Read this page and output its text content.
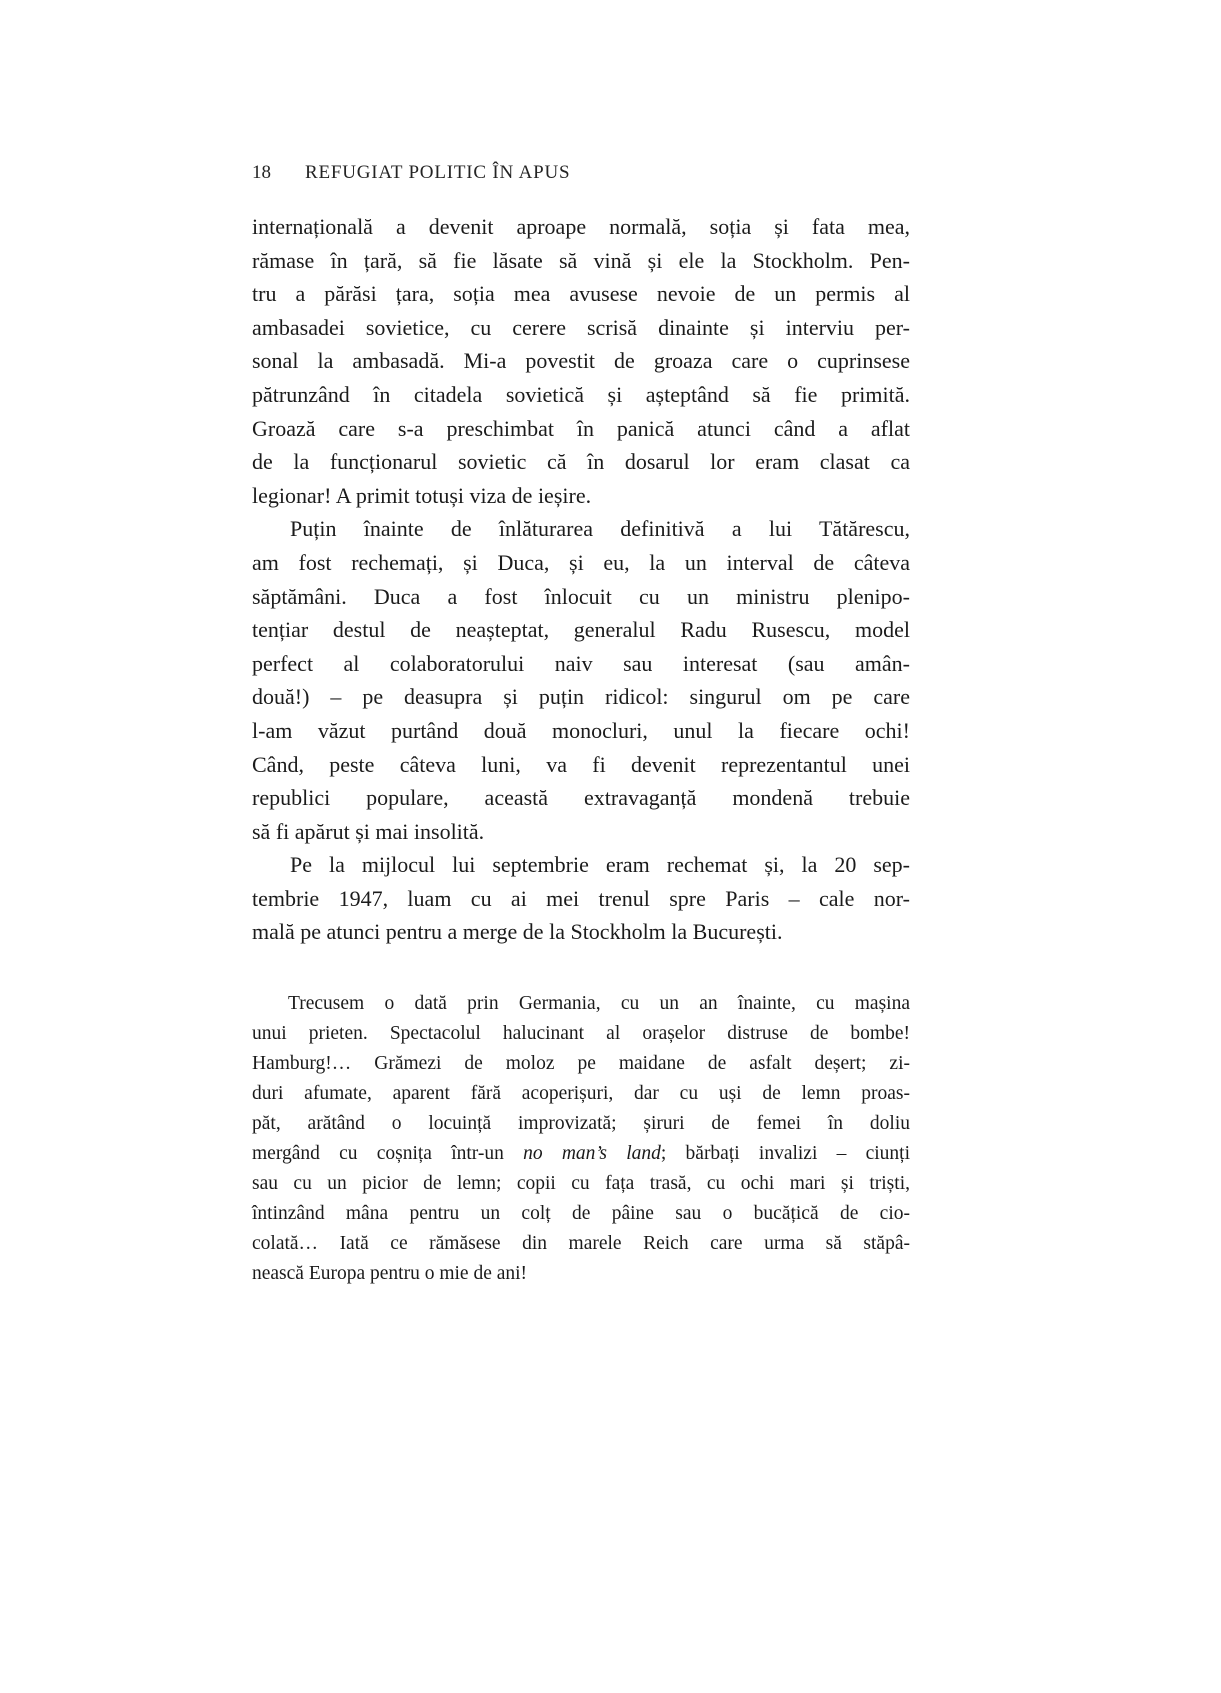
18	REFUGIAT POLITIC ÎN APUS
internațională a devenit aproape normală, soția și fata mea,
rămase în țară, să fie lăsate să vină și ele la Stockholm. Pen-
tru a părăsi țara, soția mea avusese nevoie de un permis al
ambasadei sovietice, cu cerere scrisă dinainte și interviu per-
sonal la ambasadă. Mi-a povestit de groaza care o cuprinsese
pătrunzând în citadela sovietică și așteptând să fie primită.
Groază care s-a preschimbat în panică atunci când a aflat
de la funcționarul sovietic că în dosarul lor eram clasat ca
legionar! A primit totuși viza de ieșire.
Puțin înainte de înlăturarea definitivă a lui Tătărescu,
am fost rechemați, și Duca, și eu, la un interval de câteva
săptămâni. Duca a fost înlocuit cu un ministru plenipo-
tențiar destul de neașteptat, generalul Radu Rusescu, model
perfect al colaboratorului naiv sau interesat (sau amân-
două!) – pe deasupra și puțin ridicol: singurul om pe care
l-am văzut purtând două monocluri, unul la fiecare ochi!
Când, peste câteva luni, va fi devenit reprezentantul unei
republici populare, această extravaganță mondenă trebuie
să fi apărut și mai insolită.
Pe la mijlocul lui septembrie eram rechemat și, la 20 sep-
tembrie 1947, luam cu ai mei trenul spre Paris – cale nor-
mală pe atunci pentru a merge de la Stockholm la București.
Trecusem o dată prin Germania, cu un an înainte, cu mașina
unui prieten. Spectacolul halucinant al orașelor distruse de bombe!
Hamburg!… Grămezi de moloz pe maidane de asfalt deșert; zi-
duri afumate, aparent fără acoperișuri, dar cu uși de lemn proas-
păt, arătând o locuință improvizată; șiruri de femei în doliu
mergând cu coșnița într-un no man’s land; bărbați invalizi – ciunți
sau cu un picior de lemn; copii cu fața trasă, cu ochi mari și triști,
întinzând mâna pentru un colț de pâine sau o bucățică de cio-
colată… Iată ce rămăsese din marele Reich care urma să stăpâ-
nească Europa pentru o mie de ani!
